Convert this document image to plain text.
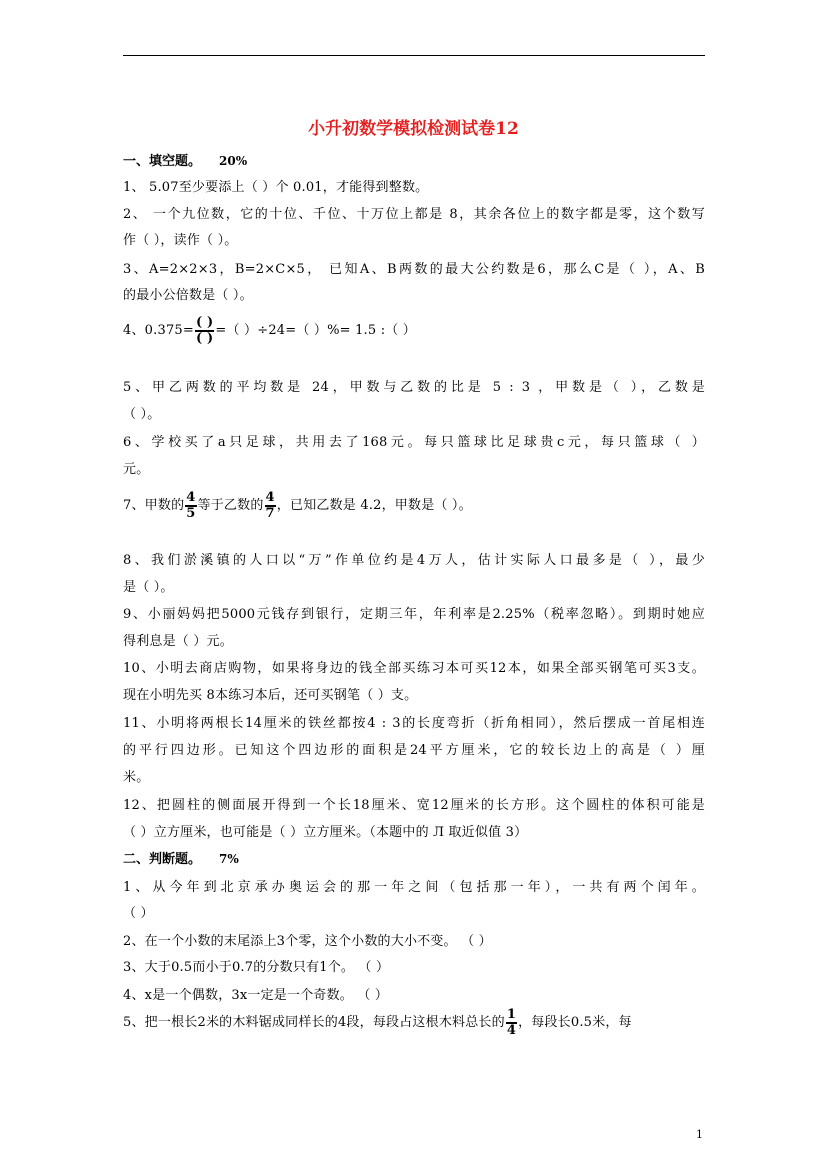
小升初数学模拟检测试卷12
一、填空题。 20%
1、 5.07至少要添上（ ）个 0.01，才能得到整数。
2、 一个九位数，它的十位、千位、十万位上都是 8，其余各位上的数字都是零，这个数写
作（ ），读作（ ）。
3、A=2×2×3，B=2×C×5， 已知A、B两数的最大公约数是6，那么C是（ ），A、B
的最小公倍数是（ ）。
4、$0.375= \frac{( )}{( )}$ =（ ）÷24=（ ）%= 1.5 :（ ）
5、甲乙两数的平均数是 24，甲数与乙数的比是 5 : 3 ，甲数是（ ），乙数是
（ ）。
6、学校买了a只足球，共用去了168元。每只篮球比足球贵c元，每只篮球（ ）
元。
7、甲数的 $\frac{4}{5}$ 等于乙数的 $\frac{4}{7}$ ，已知乙数是 4.2，甲数是（ ）。
8、我们淤溪镇的人口以“万”作单位约是4万人，估计实际人口最多是（ ），最少
是（ ）。
9、小丽妈妈把5000元钱存到银行，定期三年，年利率是2.25%（税率忽略）。到期时她应
得利息是（ ）元。
10、小明去商店购物，如果将身边的钱全部买练习本可买12本，如果全部买钢笔可买3支。
现在小明先买 8本练习本后，还可买钢笔（ ）支。
11、小明将两根长14厘米的铁丝都按4 : 3的长度弯折（折角相同），然后摆成一首尾相连
的平行四边形。已知这个四边形的面积是24平方厘米，它的较长边上的高是（ ）厘
米。
12、把圆柱的侧面展开得到一个长18厘米、宽12厘米的长方形。这个圆柱的体积可能是
（ ）立方厘米，也可能是（ ）立方厘米。（本题中的 Л 取近似值 3）
二、判断题。 7%
1、从今年到北京承办奥运会的那一年之间（包括那一年），一共有两个闰年。
（ ）
2、在一个小数的末尾添上3个零，这个小数的大小不变。 （ ）
3、大于0.5而小于0.7的分数只有1个。 （ ）
4、x是一个偶数，3x一定是一个奇数。 （ ）
5、把一根长2米的木料锯成同样长的4段，每段占这根木料总长的 $\frac{1}{4}$ ，每段长0.5米，每
1
